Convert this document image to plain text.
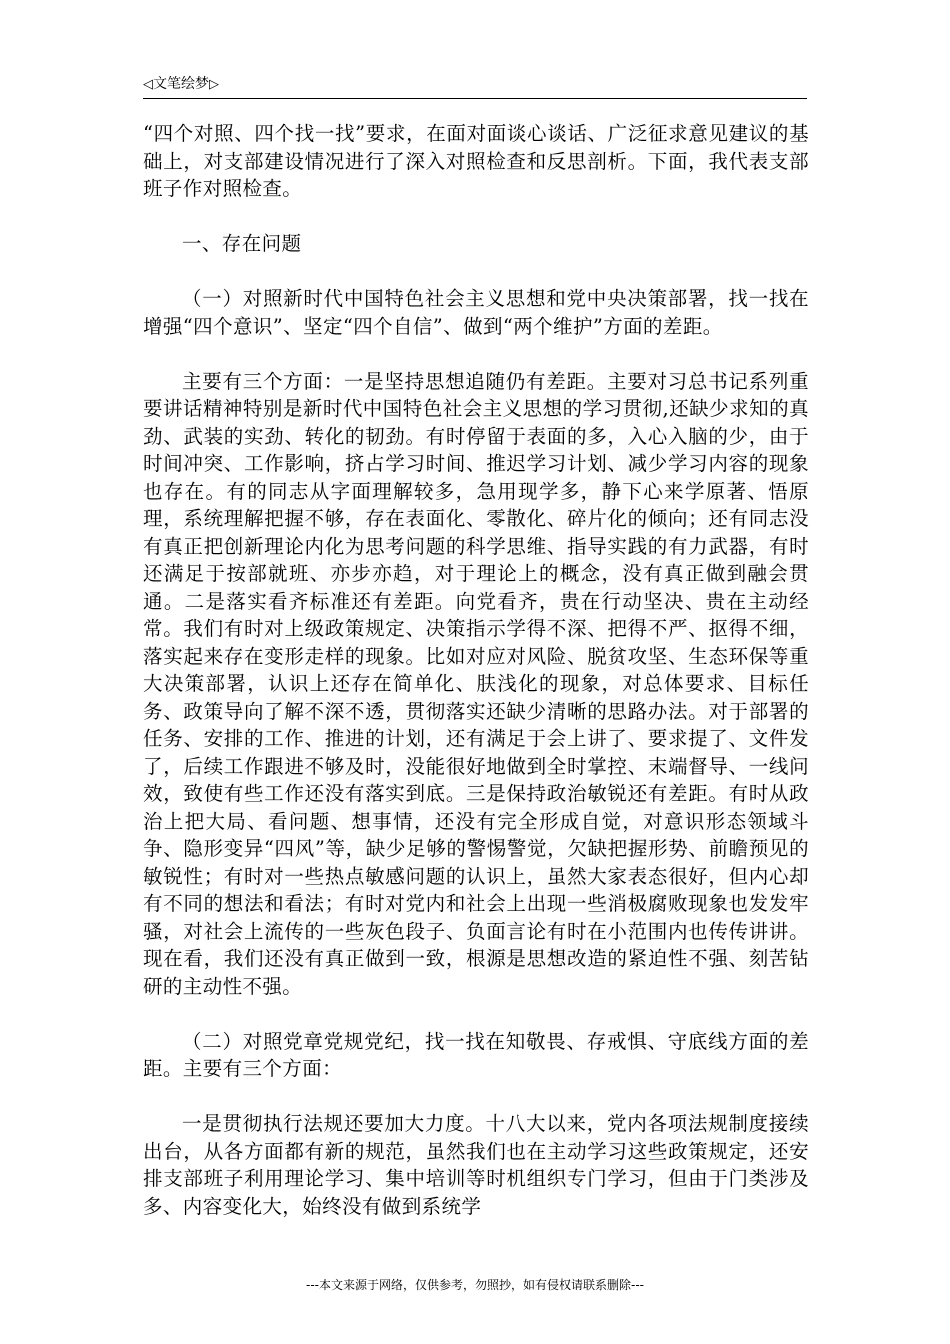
◁文笔绘梦▷

“四个对照、四个找一找”要求，在面对面谈心谈话、广泛征求意见建议的基础上，对支部建设情况进行了深入对照检查和反思剖析。下面，我代表支部班子作对照检查。

一、存在问题

（一）对照新时代中国特色社会主义思想和党中央决策部署，找一找在增强“四个意识”、坚定“四个自信”、做到“两个维护”方面的差距。

主要有三个方面：一是坚持思想追随仍有差距。主要对习总书记系列重要讲话精神特别是新时代中国特色社会主义思想的学习贯彻,还缺少求知的真劲、武装的实劲、转化的韧劲。有时停留于表面的多，入心入脑的少，由于时间冲突、工作影响，挤占学习时间、推迟学习计划、减少学习内容的现象也存在。有的同志从字面理解较多，急用现学多，静下心来学原著、悟原理，系统理解把握不够，存在表面化、零散化、碎片化的倾向；还有同志没有真正把创新理论内化为思考问题的科学思维、指导实践的有力武器，有时还满足于按部就班、亦步亦趋，对于理论上的概念，没有真正做到融会贯通。二是落实看齐标准还有差距。向党看齐，贵在行动坚决、贵在主动经常。我们有时对上级政策规定、决策指示学得不深、把得不严、抠得不细，落实起来存在变形走样的现象。比如对应对风险、脱贫攻坚、生态环保等重大决策部署，认识上还存在简单化、肤浅化的现象，对总体要求、目标任务、政策导向了解不深不透，贯彻落实还缺少清晰的思路办法。对于部署的任务、安排的工作、推进的计划，还有满足于会上讲了、要求提了、文件发了，后续工作跟进不够及时，没能很好地做到全时掌控、末端督导、一线问效，致使有些工作还没有落实到底。三是保持政治敏锐还有差距。有时从政治上把大局、看问题、想事情，还没有完全形成自觉，对意识形态领域斗争、隐形变异“四风”等，缺少足够的警惕警觉，欠缺把握形势、前瞻预见的敏锐性；有时对一些热点敏感问题的认识上，虽然大家表态很好，但内心却有不同的想法和看法；有时对党内和社会上出现一些消极腐败现象也发发牢骚，对社会上流传的一些灰色段子、负面言论有时在小范围内也传传讲讲。现在看，我们还没有真正做到一致，根源是思想改造的紧迫性不强、刻苦钻研的主动性不强。

（二）对照党章党规党纪，找一找在知敬畏、存戒惧、守底线方面的差距。主要有三个方面：

一是贯彻执行法规还要加大力度。十八大以来，党内各项法规制度接续出台，从各方面都有新的规范，虽然我们也在主动学习这些政策规定，还安排支部班子利用理论学习、集中培训等时机组织专门学习，但由于门类涉及多、内容变化大，始终没有做到系统学

---本文来源于网络，仅供参考，勿照抄，如有侵权请联系删除---
